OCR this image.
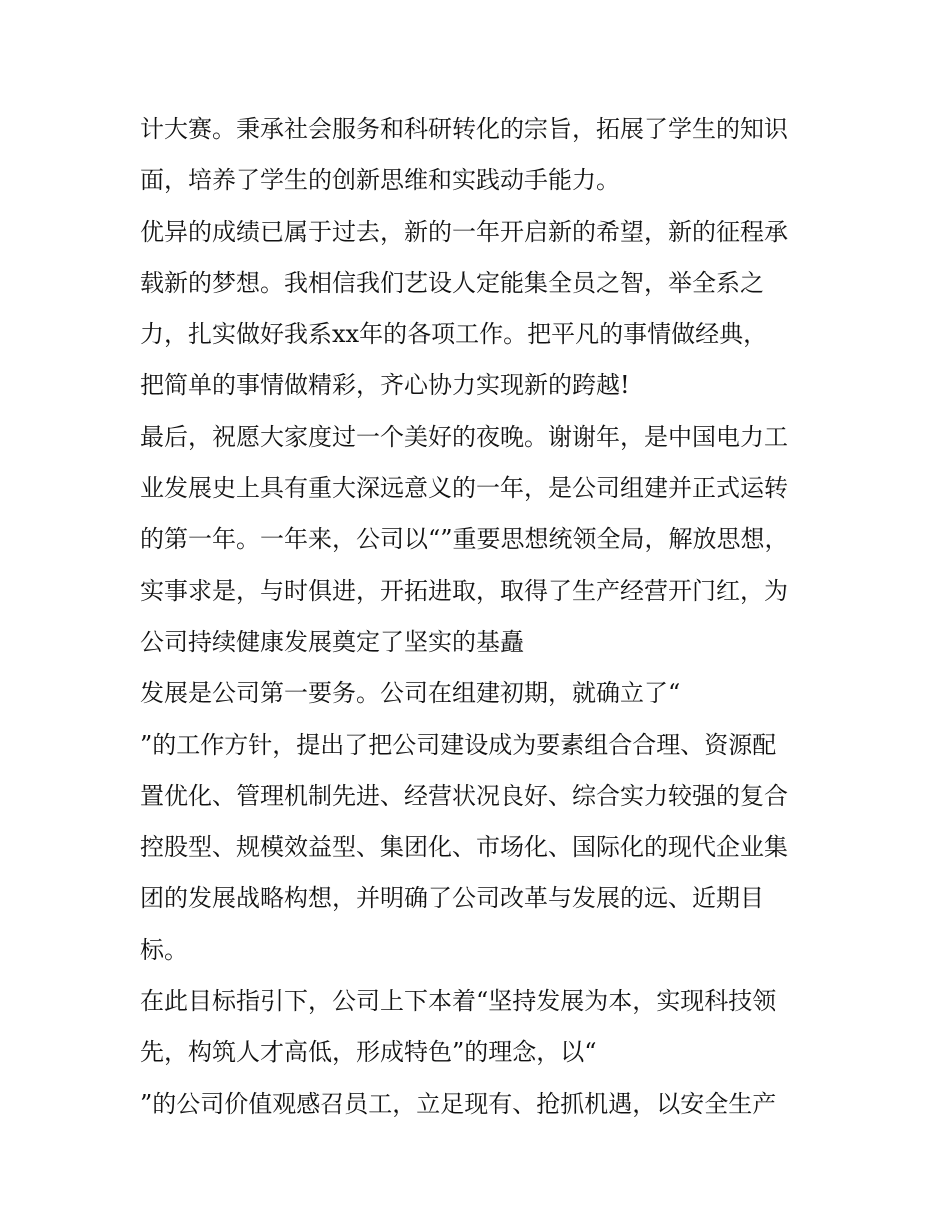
计大赛。秉承社会服务和科研转化的宗旨，拓展了学生的知识
面，培养了学生的创新思维和实践动手能力。
优异的成绩已属于过去，新的一年开启新的希望，新的征程承
载新的梦想。我相信我们艺设人定能集全员之智，举全系之
力，扎实做好我系xx年的各项工作。把平凡的事情做经典，
把简单的事情做精彩，齐心协力实现新的跨越!
最后，祝愿大家度过一个美好的夜晚。谢谢年，是中国电力工
业发展史上具有重大深远意义的一年，是公司组建并正式运转
的第一年。一年来，公司以“”重要思想统领全局，解放思想，
实事求是，与时俱进，开拓进取，取得了生产经营开门红，为
公司持续健康发展奠定了坚实的基矗
发展是公司第一要务。公司在组建初期，就确立了“
”的工作方针，提出了把公司建设成为要素组合合理、资源配
置优化、管理机制先进、经营状况良好、综合实力较强的复合
控股型、规模效益型、集团化、市场化、国际化的现代企业集
团的发展战略构想，并明确了公司改革与发展的远、近期目
标。
在此目标指引下，公司上下本着“坚持发展为本，实现科技领
先，构筑人才高低，形成特色”的理念，以“
”的公司价值观感召员工，立足现有、抢抓机遇，以安全生产
